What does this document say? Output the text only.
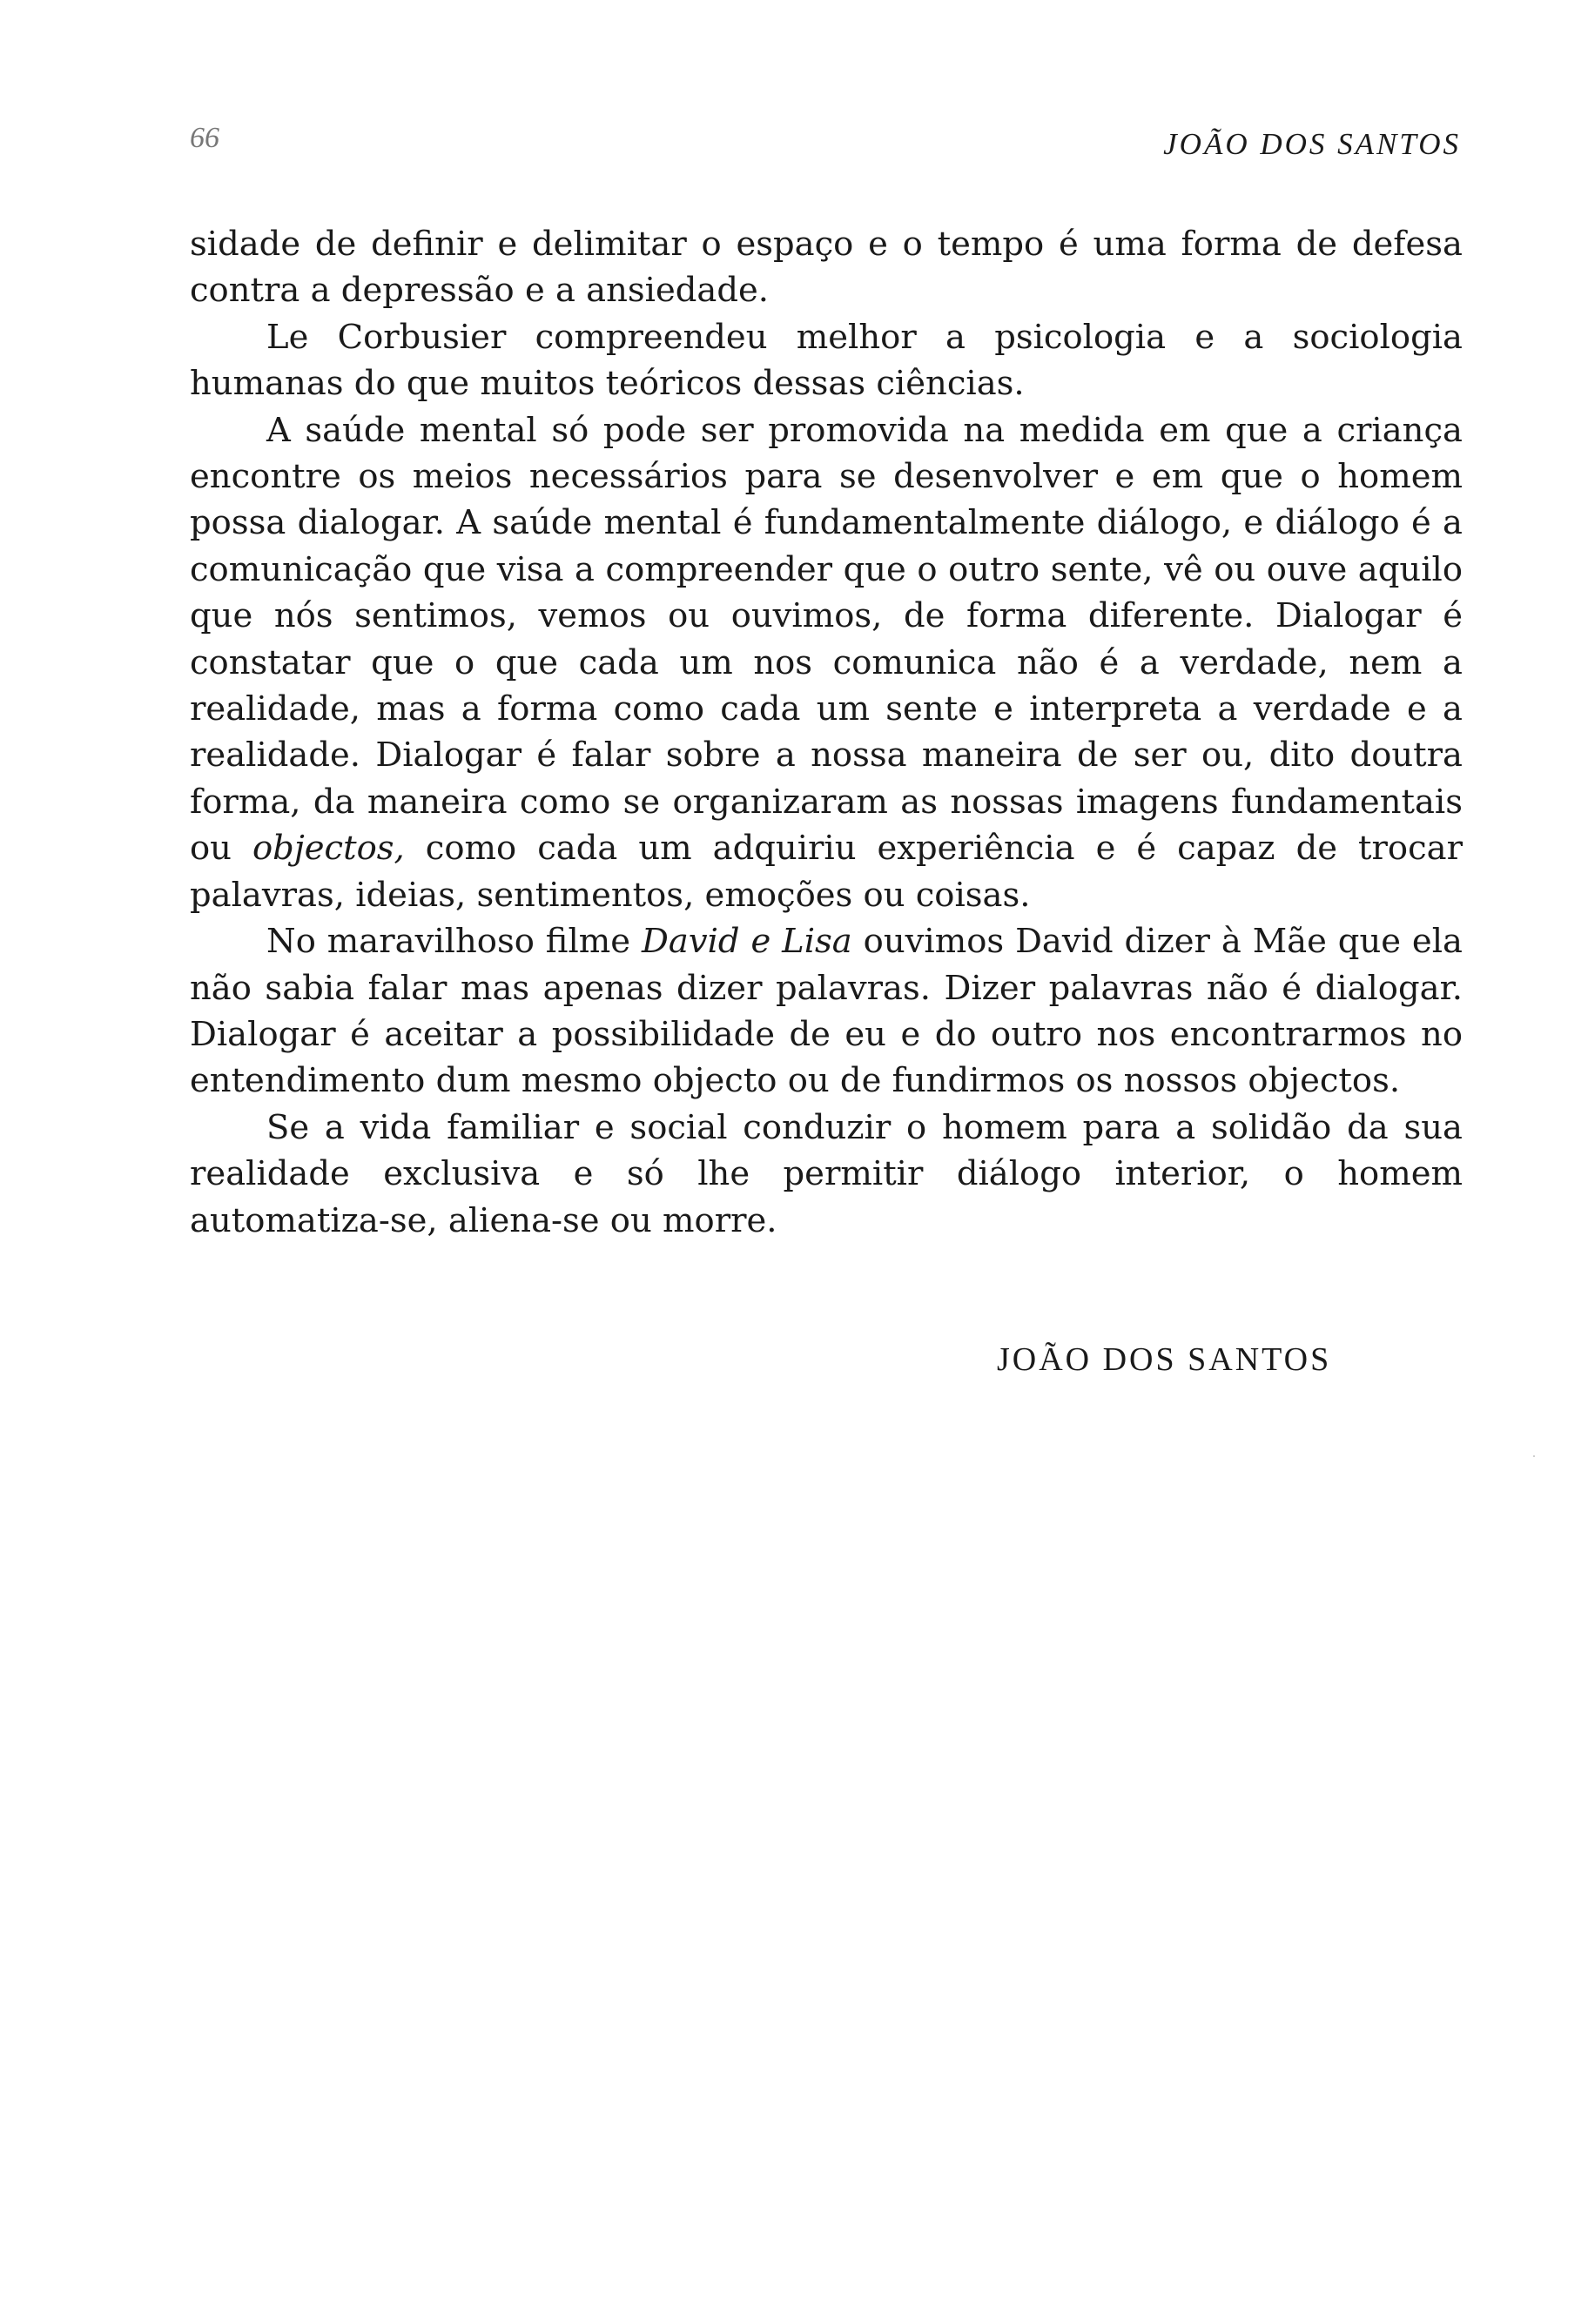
66	JOÃO DOS SANTOS

sidade de definir e delimitar o espaço e o tempo é uma forma de defesa contra a depressão e a ansiedade.

Le Corbusier compreendeu melhor a psicologia e a sociologia humanas do que muitos teóricos dessas ciências.

A saúde mental só pode ser promovida na medida em que a criança encontre os meios necessários para se desenvolver e em que o homem possa dialogar. A saúde mental é fundamentalmente diálogo, e diálogo é a comunicação que visa a compreender que o outro sente, vê ou ouve aquilo que nós sentimos, vemos ou ouvimos, de forma diferente. Dialogar é constatar que o que cada um nos comunica não é a verdade, nem a realidade, mas a forma como cada um sente e interpreta a verdade e a realidade. Dialogar é falar sobre a nossa maneira de ser ou, dito doutra forma, da maneira como se organizaram as nossas imagens fundamentais ou objectos, como cada um adquiriu experiência e é capaz de trocar palavras, ideias, sentimentos, emoções ou coisas.

No maravilhoso filme David e Lisa ouvimos David dizer à Mãe que ela não sabia falar mas apenas dizer palavras. Dizer palavras não é dialogar. Dialogar é aceitar a possibilidade de eu e do outro nos encontrarmos no entendimento dum mesmo objecto ou de fundirmos os nossos objectos.

Se a vida familiar e social conduzir o homem para a solidão da sua realidade exclusiva e só lhe permitir diálogo interior, o homem automatiza-se, aliena-se ou morre.

JOÃO DOS SANTOS
